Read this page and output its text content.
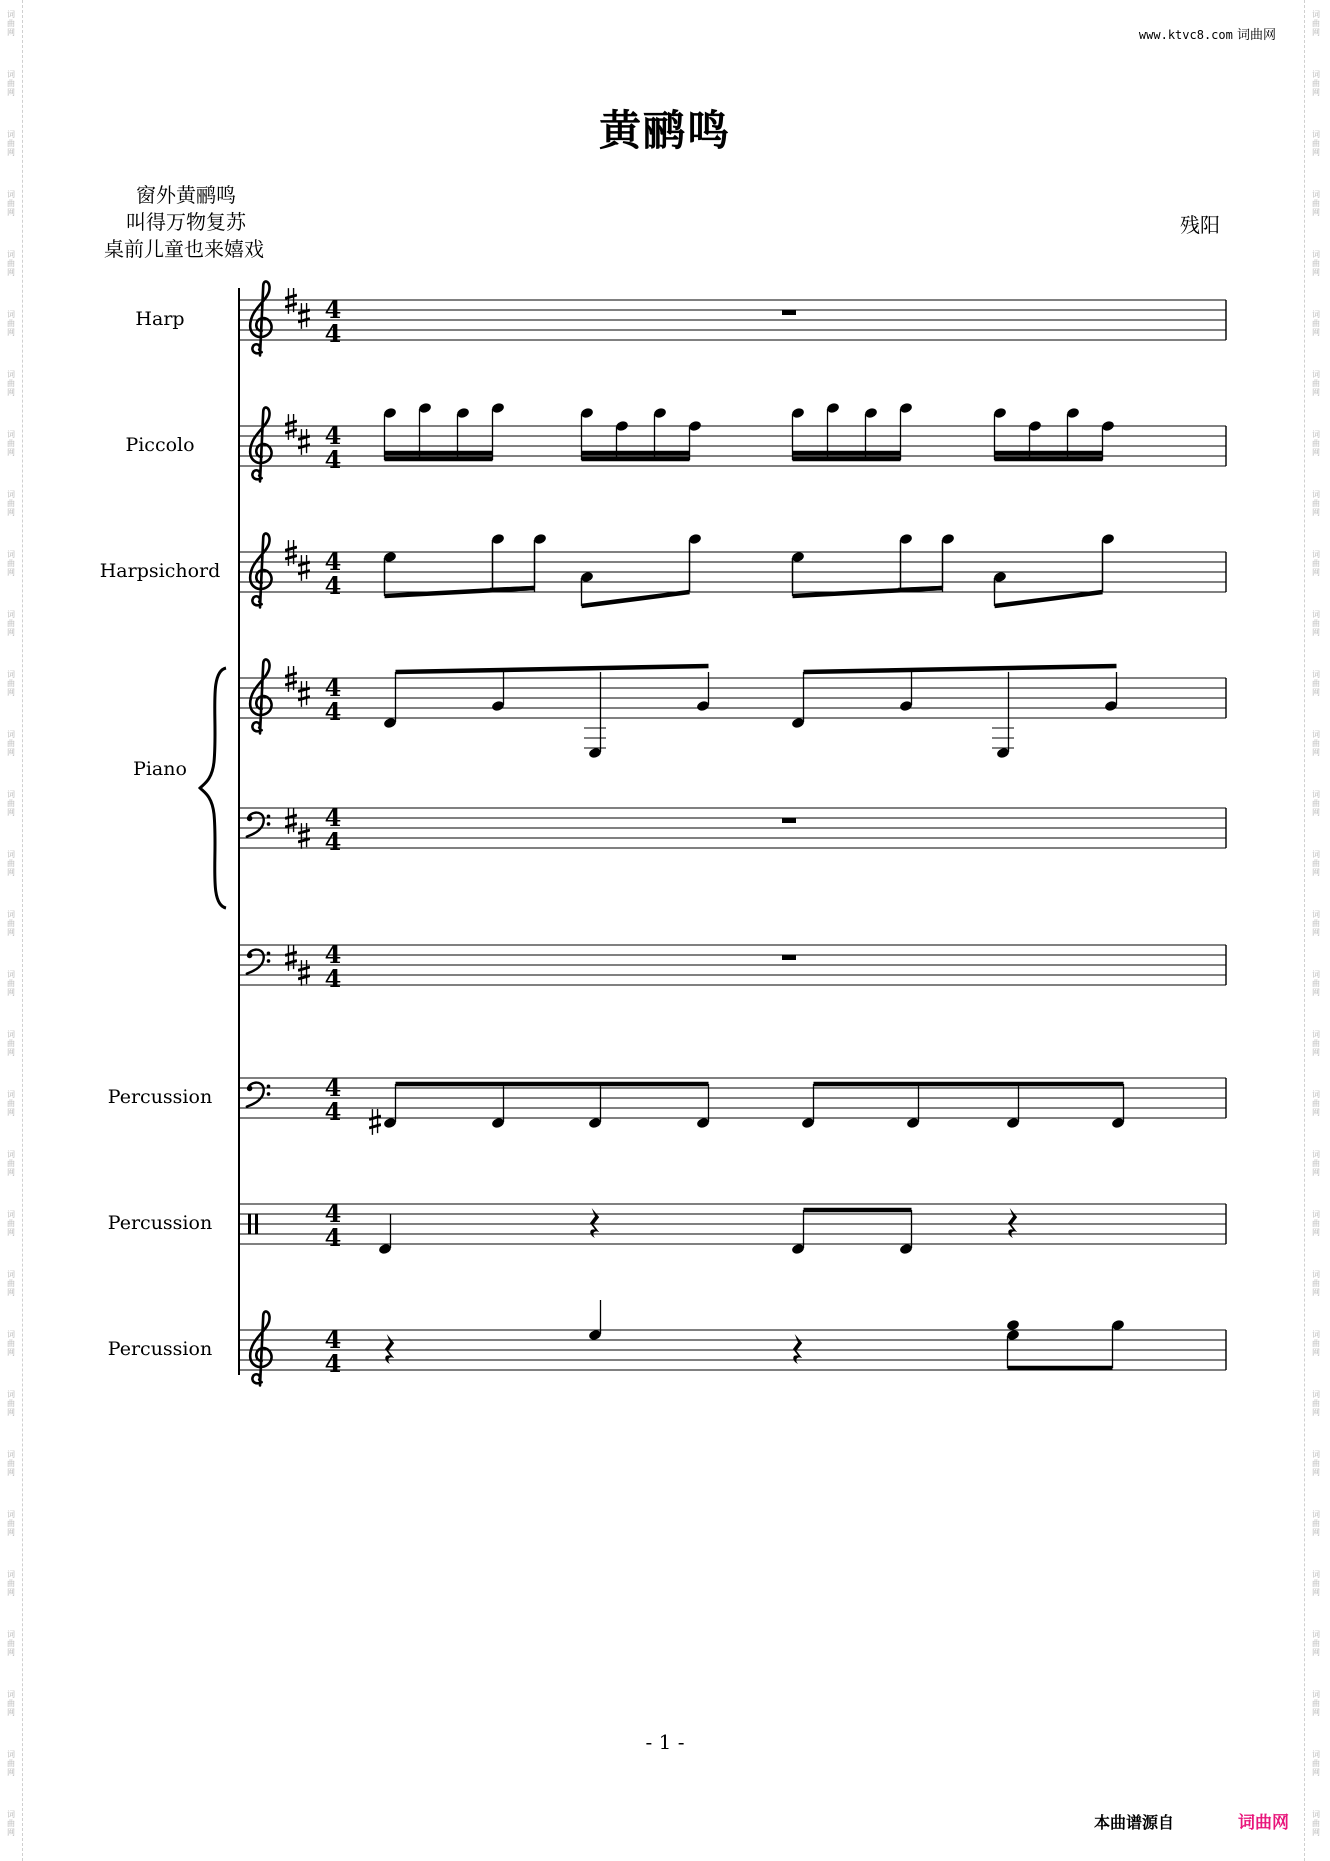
词
曲
网
词
曲
网
词
曲
网
词
曲
网
词
曲
网
词
曲
网
词
曲
网
词
曲
网
词
曲
网
词
曲
网
词
曲
网
词
曲
网
词
曲
网
词
曲
网
词
曲
网
词
曲
网
词
曲
网
词
曲
网
词
曲
网
词
曲
网
词
曲
网
词
曲
网
词
曲
网
词
曲
网
词
曲
网
词
曲
网
词
曲
网
词
曲
网
词
曲
网
词
曲
网
词
曲
网
词
曲
网
词
曲
网
词
曲
网
词
曲
网
词
曲
网
词
曲
网
词
曲
网
词
曲
网
词
曲
网
词
曲
网
词
曲
网
词
曲
网
词
曲
网
词
曲
网
词
曲
网
词
曲
网
词
曲
网
词
曲
网
词
曲
网
词
曲
网
词
曲
网
词
曲
网
词
曲
网
词
曲
网
词
曲
网
词
曲
网
词
曲
网
词
曲
网
词
曲
网
词
曲
网
词
曲
网
www.ktvc8.com 词曲网
黄鹂鸣
窗外黄鹂鸣
叫得万物复苏
桌前儿童也来嬉戏
残阳
Harp
Piccolo
Harpsichord
Piano
Percussion
Percussion
Percussion
- 1 -
本曲谱源自	词曲网
